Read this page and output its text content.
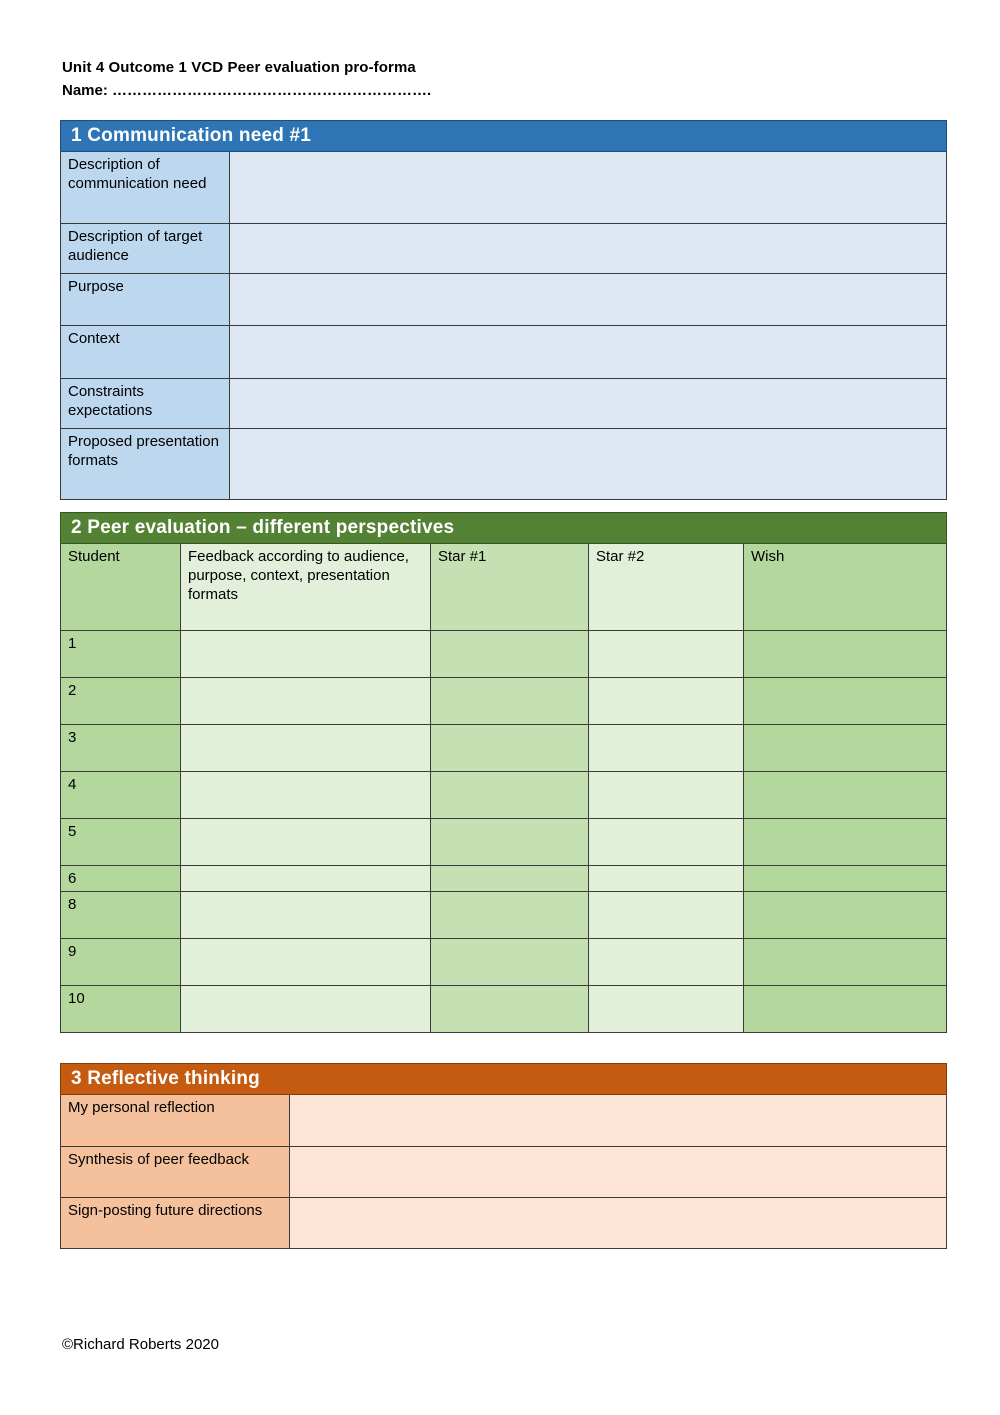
Unit 4 Outcome 1 VCD Peer evaluation pro-forma
Name: ……………………………………………………….
1 Communication need #1	
Description of communication need	
Description of target audience	
Purpose	
Context	
Constraints expectations	
Proposed presentation formats	
2 Peer evaluation – different perspectives				
Student	Feedback according to audience, purpose, context, presentation formats	Star #1	Star #2	Wish
1				
2				
3				
4				
5				
6				
8				
9				
10				
3 Reflective thinking	
My personal reflection	
Synthesis of peer feedback	
Sign-posting future directions	
©Richard Roberts 2020
